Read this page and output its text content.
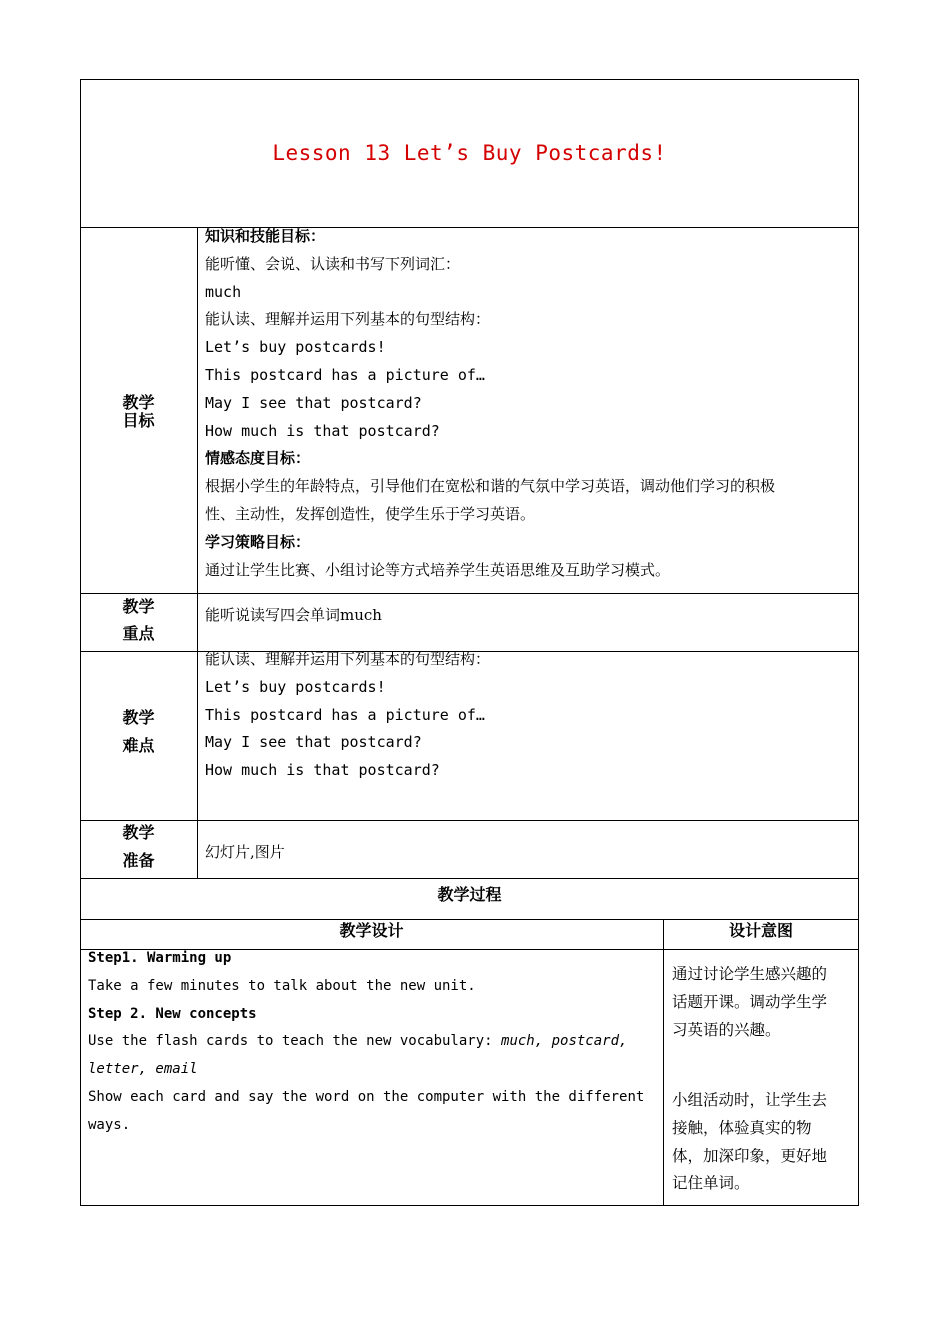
Lesson 13 Let’s Buy Postcards!
教学
目标
知识和技能目标：
能听懂、会说、认读和书写下列词汇：
much
能认读、理解并运用下列基本的句型结构：
Let’s buy postcards!
This postcard has a picture of…
May I see that postcard?
How much is that postcard?
情感态度目标：
根据小学生的年龄特点，引导他们在宽松和谐的气氛中学习英语，调动他们学习的积极
性、主动性，发挥创造性，使学生乐于学习英语。
学习策略目标：
通过让学生比赛、小组讨论等方式培养学生英语思维及互助学习模式。
教学
重点
能听说读写四会单词much
教学
难点
能认读、理解并运用下列基本的句型结构：
Let’s buy postcards!
This postcard has a picture of…
May I see that postcard?
How much is that postcard?
教学
准备	幻灯片,图片
教学过程
教学设计	设计意图
Step1. Warming up
Take a few minutes to talk about the new unit.
Step 2. New concepts
Use the flash cards to teach the new vocabulary: much, postcard,
letter, email
Show each card and say the word on the computer with the different
ways.
通过讨论学生感兴趣的
话题开课。调动学生学
习英语的兴趣。
小组活动时，让学生去
接触，体验真实的物
体，加深印象，更好地
记住单词。
